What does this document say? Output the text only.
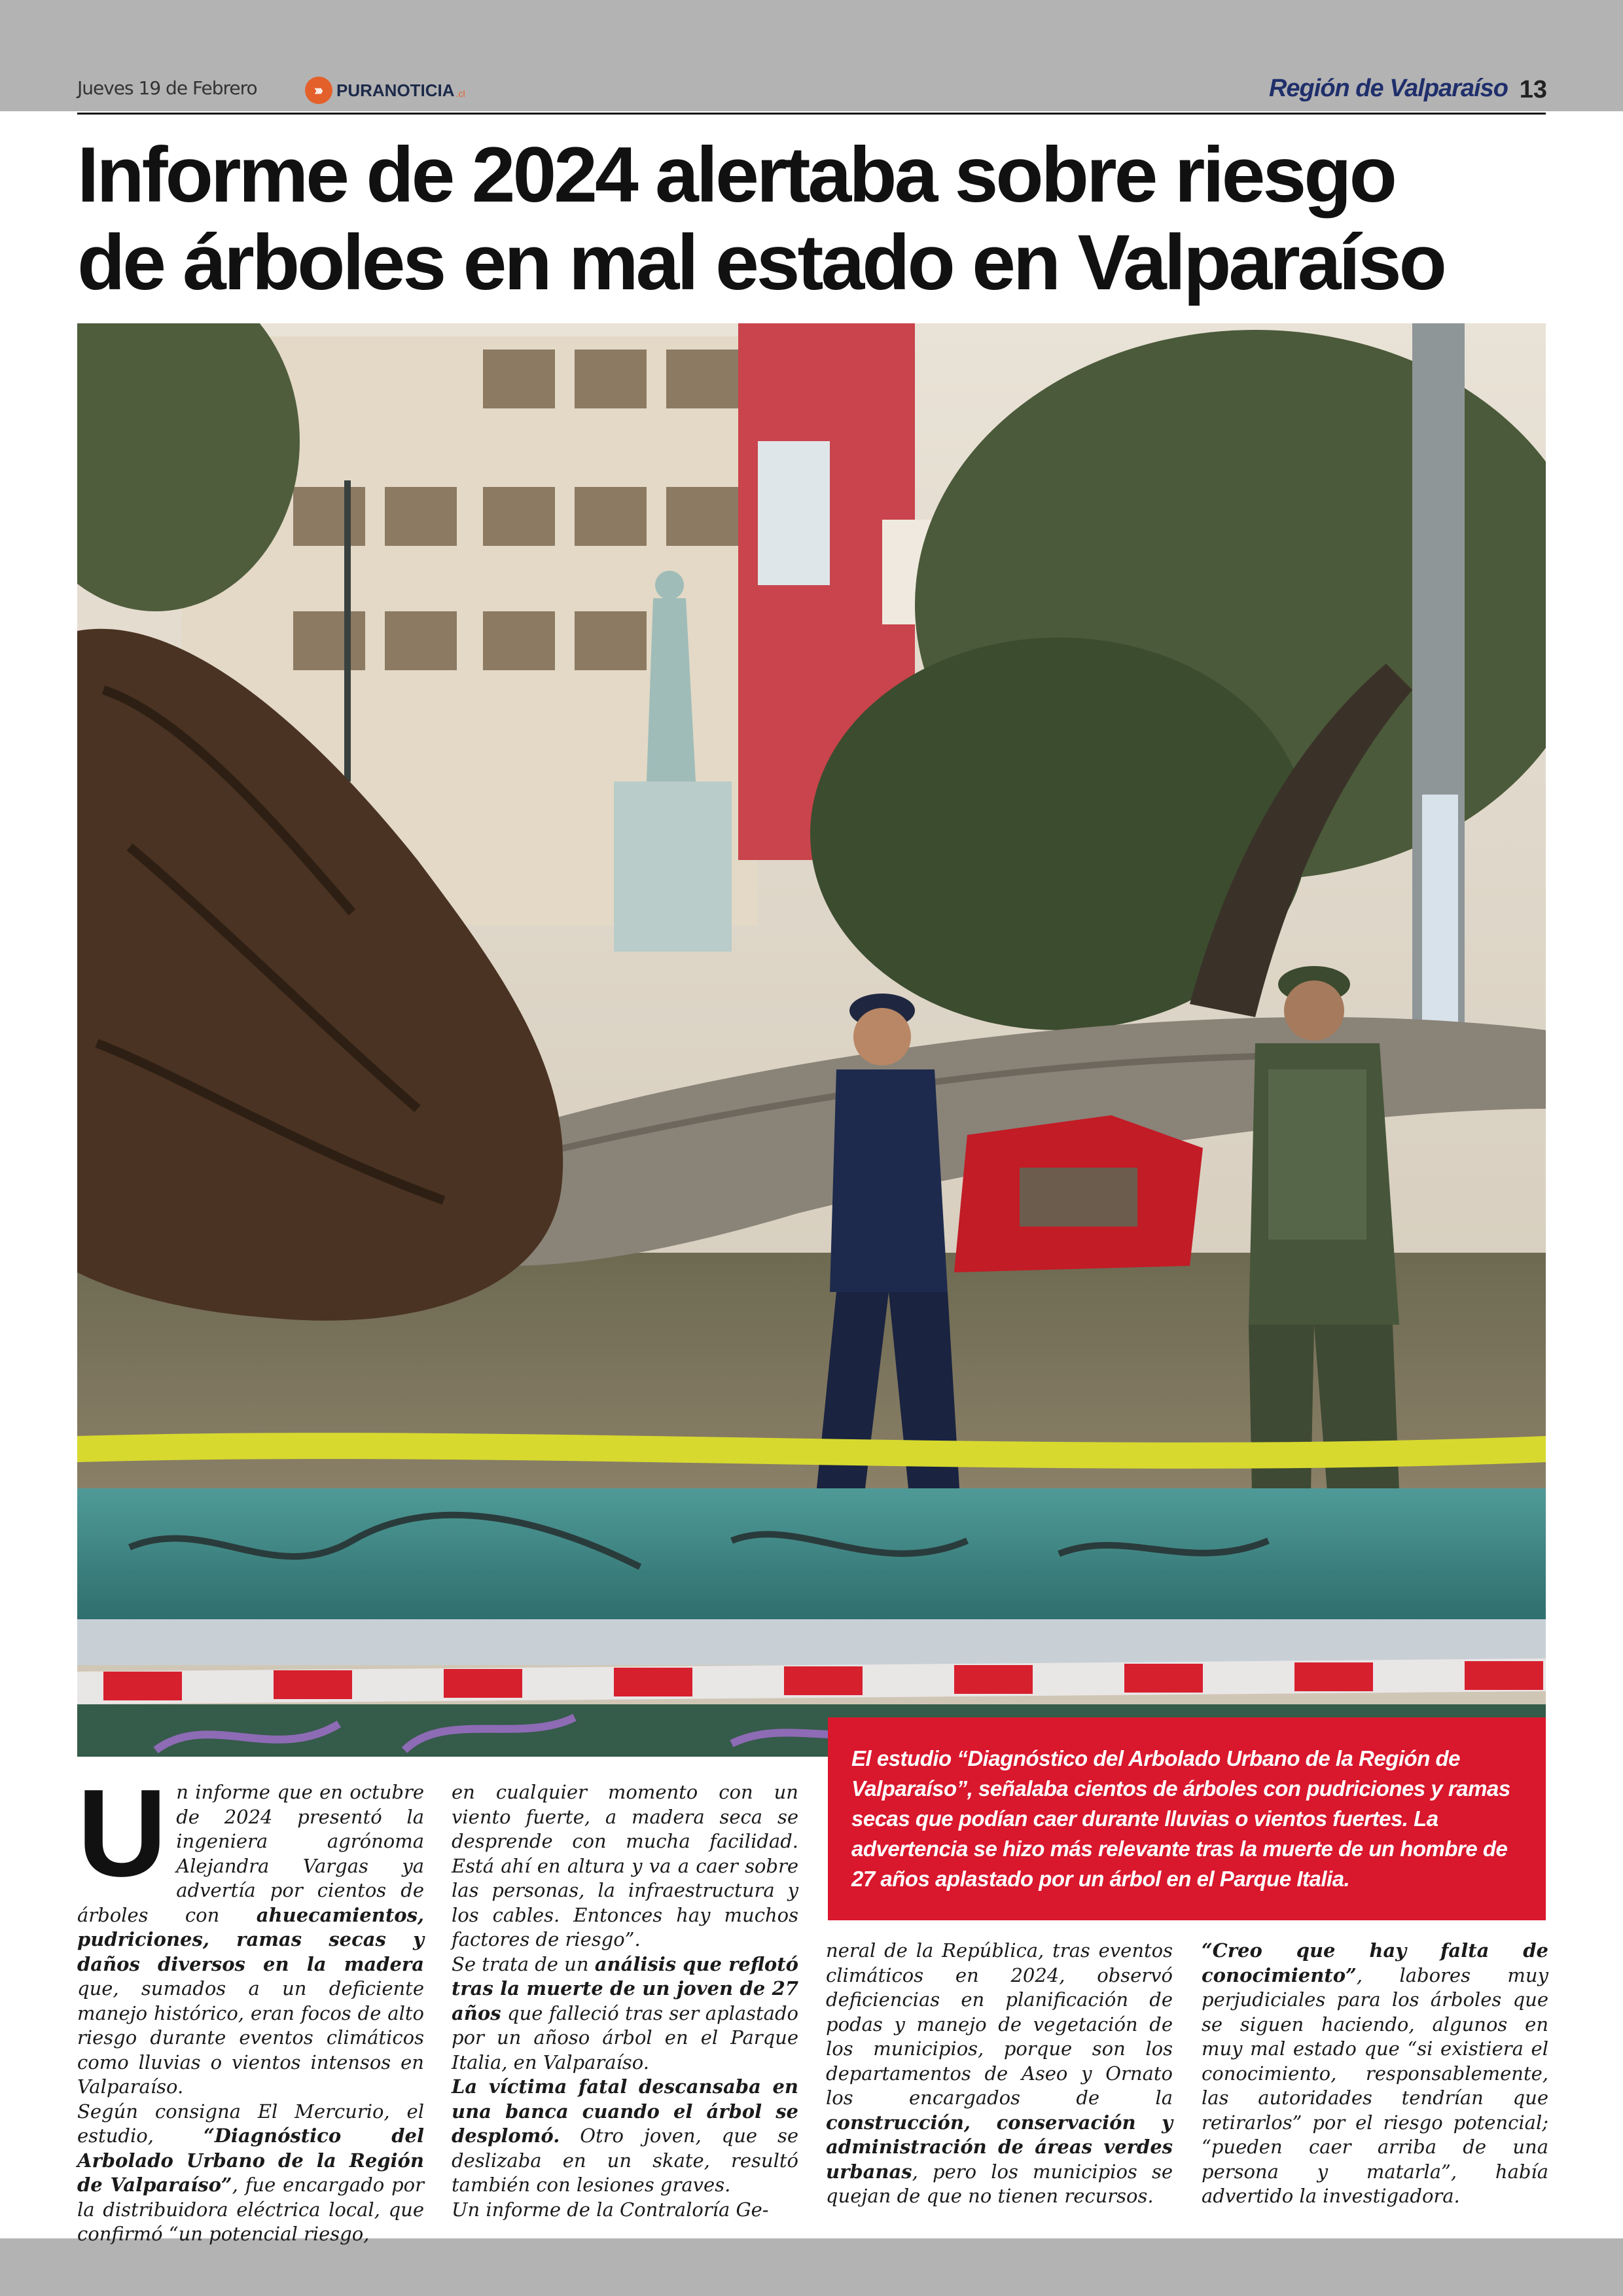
Jueves 19 de Febrero	››› PURANOTICIA .cl	Región de Valparaíso 13
Informe de 2024 alertaba sobre riesgo
de árboles en mal estado en Valparaíso

El estudio “Diagnóstico del Arbolado Urbano de la Región de Valparaíso”, señalaba cientos de árboles con pudriciones y ramas secas que podían caer durante lluvias o vientos fuertes. La advertencia se hizo más relevante tras la muerte de un hombre de 27 años aplastado por un árbol en el Parque Italia.

Un informe que en octubre de 2024 presentó la ingeniera agrónoma Alejandra Vargas ya advertía por cientos de árboles con ahuecamientos, pudriciones, ramas secas y daños diversos en la madera que, sumados a un deficiente manejo histórico, eran focos de alto riesgo durante eventos climáticos como lluvias o vientos intensos en Valparaíso.

Según consigna El Mercurio, el estudio, “Diagnóstico del Arbolado Urbano de la Región de Valparaíso”, fue encargado por la distribuidora eléctrica local, que confirmó “un potencial riesgo,

en cualquier momento con un viento fuerte, a madera seca se desprende con mucha facilidad. Está ahí en altura y va a caer sobre las personas, la infraestructura y los cables. Entonces hay muchos factores de riesgo”.

Se trata de un análisis que reflotó tras la muerte de un joven de 27 años que falleció tras ser aplastado por un añoso árbol en el Parque Italia, en Valparaíso.

La víctima fatal descansaba en una banca cuando el árbol se desplomó. Otro joven, que se deslizaba en un skate, resultó también con lesiones graves.

Un informe de la Contraloría Ge-

neral de la República, tras eventos climáticos en 2024, observó deficiencias en planificación de podas y manejo de vegetación de los municipios, porque son los departamentos de Aseo y Ornato los encargados de la construcción, conservación y administración de áreas verdes urbanas, pero los municipios se quejan de que no tienen recursos.

“Creo que hay falta de conocimiento”, labores muy perjudiciales para los árboles que se siguen haciendo, algunos en muy mal estado que “si existiera el conocimiento, responsablemente, las autoridades tendrían que retirarlos” por el riesgo potencial; “pueden caer arriba de una persona y matarla”, había advertido la investigadora.
